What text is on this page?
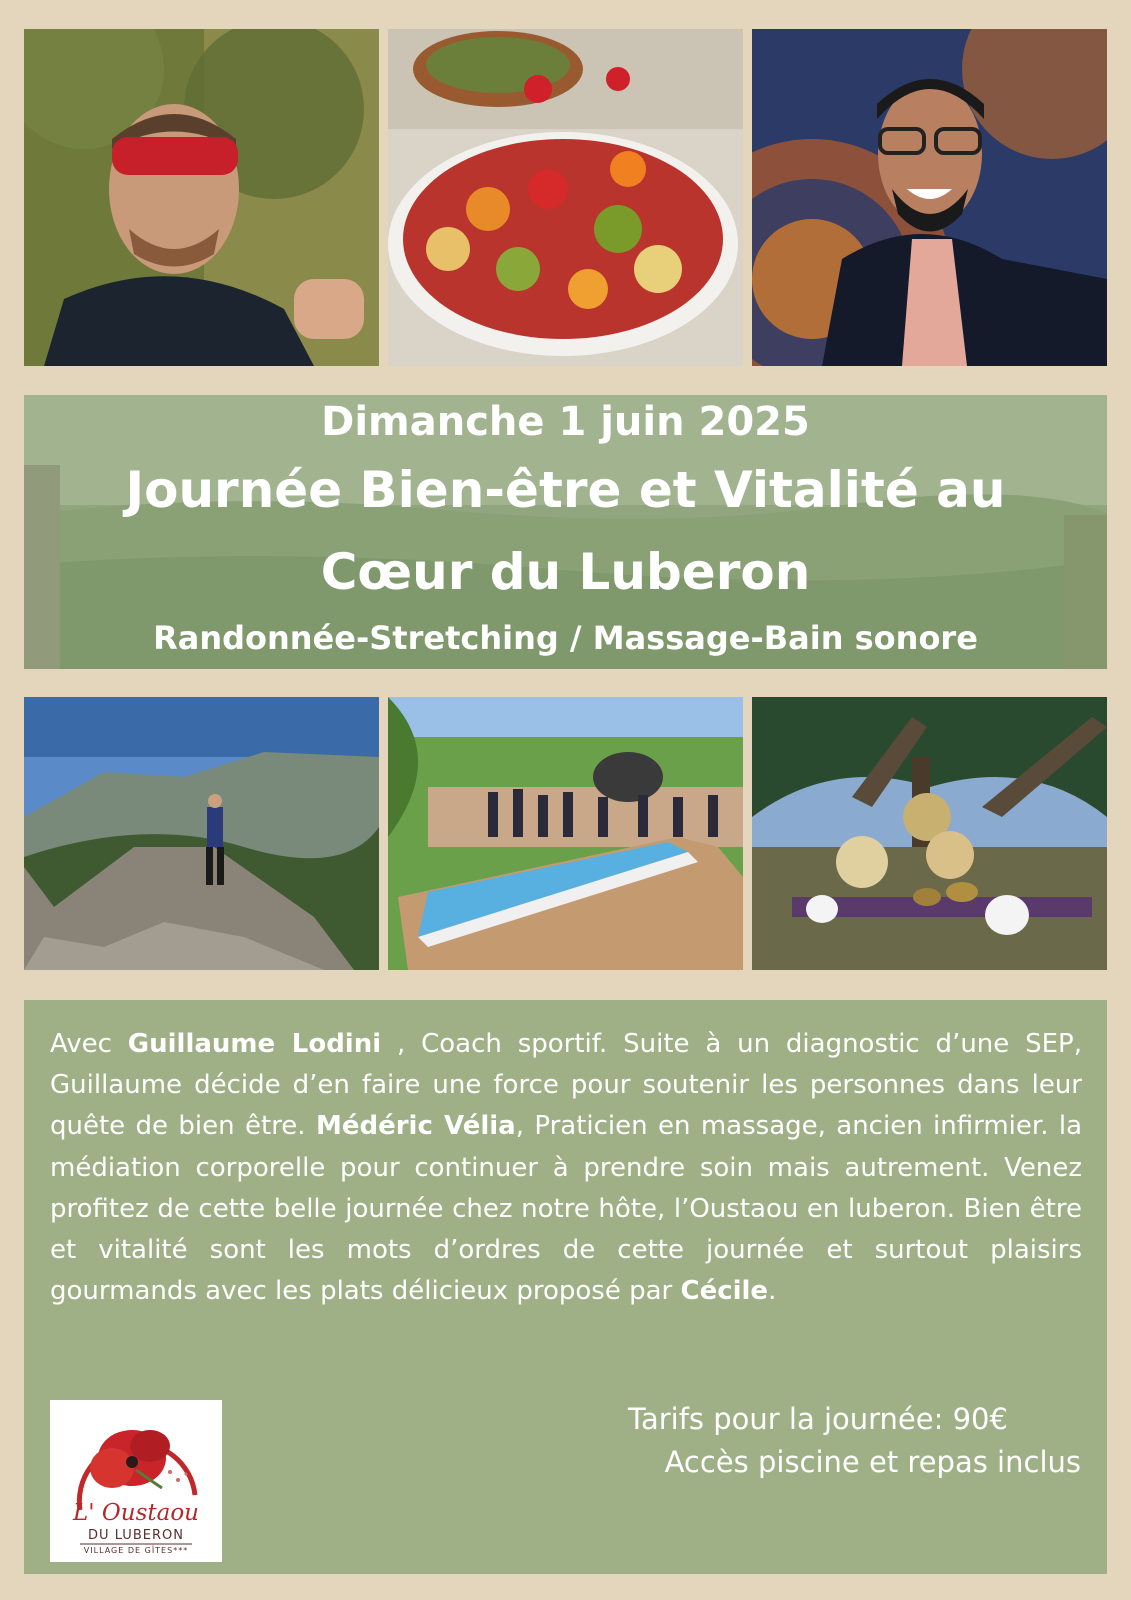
Dimanche 1 juin 2025
Journée Bien-être et Vitalité au
Cœur du Luberon
Randonnée-Stretching / Massage-Bain sonore
Avec Guillaume Lodini , Coach sportif. Suite à un diagnostic d’une SEP, Guillaume décide d’en faire une force pour soutenir les personnes dans leur quête de bien être. Médéric Vélia, Praticien en massage, ancien infirmier. la médiation corporelle pour continuer à prendre soin mais autrement. Venez profitez de cette belle journée chez notre hôte, l’Oustaou en luberon. Bien être et vitalité sont les mots d’ordres de cette journée et surtout plaisirs gourmands avec les plats délicieux proposé par Cécile.
L' Oustaou
DU LUBERON
VILLAGE DE GÎTES***
Tarifs pour la journée: 90€
Accès piscine et repas inclus
